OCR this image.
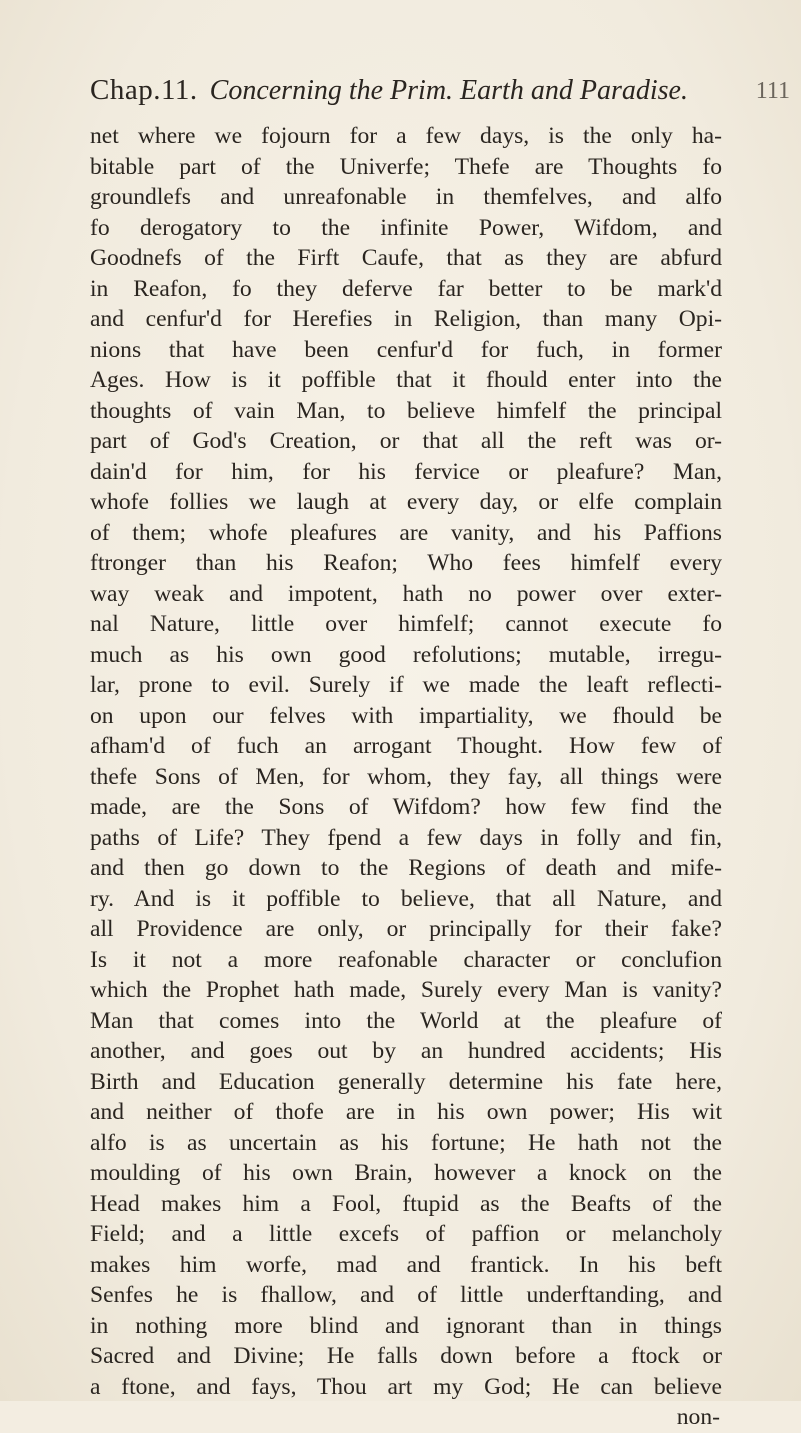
Chap.11. Concerning the Prim. Earth and Paradise.	111
net where we fojourn for a few days, is the only ha-
bitable part of the Univerfe; Thefe are Thoughts fo
groundlefs and unreafonable in themfelves, and alfo
fo derogatory to the infinite Power, Wifdom, and
Goodnefs of the Firft Caufe, that as they are abfurd
in Reafon, fo they deferve far better to be mark'd
and cenfur'd for Herefies in Religion, than many Opi-
nions that have been cenfur'd for fuch, in former
Ages. How is it poffible that it fhould enter into the
thoughts of vain Man, to believe himfelf the principal
part of God's Creation, or that all the reft was or-
dain'd for him, for his fervice or pleafure? Man,
whofe follies we laugh at every day, or elfe complain
of them; whofe pleafures are vanity, and his Paffions
ftronger than his Reafon; Who fees himfelf every
way weak and impotent, hath no power over exter-
nal Nature, little over himfelf; cannot execute fo
much as his own good refolutions; mutable, irregu-
lar, prone to evil. Surely if we made the leaft reflecti-
on upon our felves with impartiality, we fhould be
afham'd of fuch an arrogant Thought. How few of
thefe Sons of Men, for whom, they fay, all things were
made, are the Sons of Wifdom? how few find the
paths of Life? They fpend a few days in folly and fin,
and then go down to the Regions of death and mife-
ry. And is it poffible to believe, that all Nature, and
all Providence are only, or principally for their fake?
Is it not a more reafonable character or conclufion
which the Prophet hath made, Surely every Man is vanity?
Man that comes into the World at the pleafure of
another, and goes out by an hundred accidents; His
Birth and Education generally determine his fate here,
and neither of thofe are in his own power; His wit
alfo is as uncertain as his fortune; He hath not the
moulding of his own Brain, however a knock on the
Head makes him a Fool, ftupid as the Beafts of the
Field; and a little excefs of paffion or melancholy
makes him worfe, mad and frantick. In his beft
Senfes he is fhallow, and of little underftanding, and
in nothing more blind and ignorant than in things
Sacred and Divine; He falls down before a ftock or
a ftone, and fays, Thou art my God; He can believe
non-
